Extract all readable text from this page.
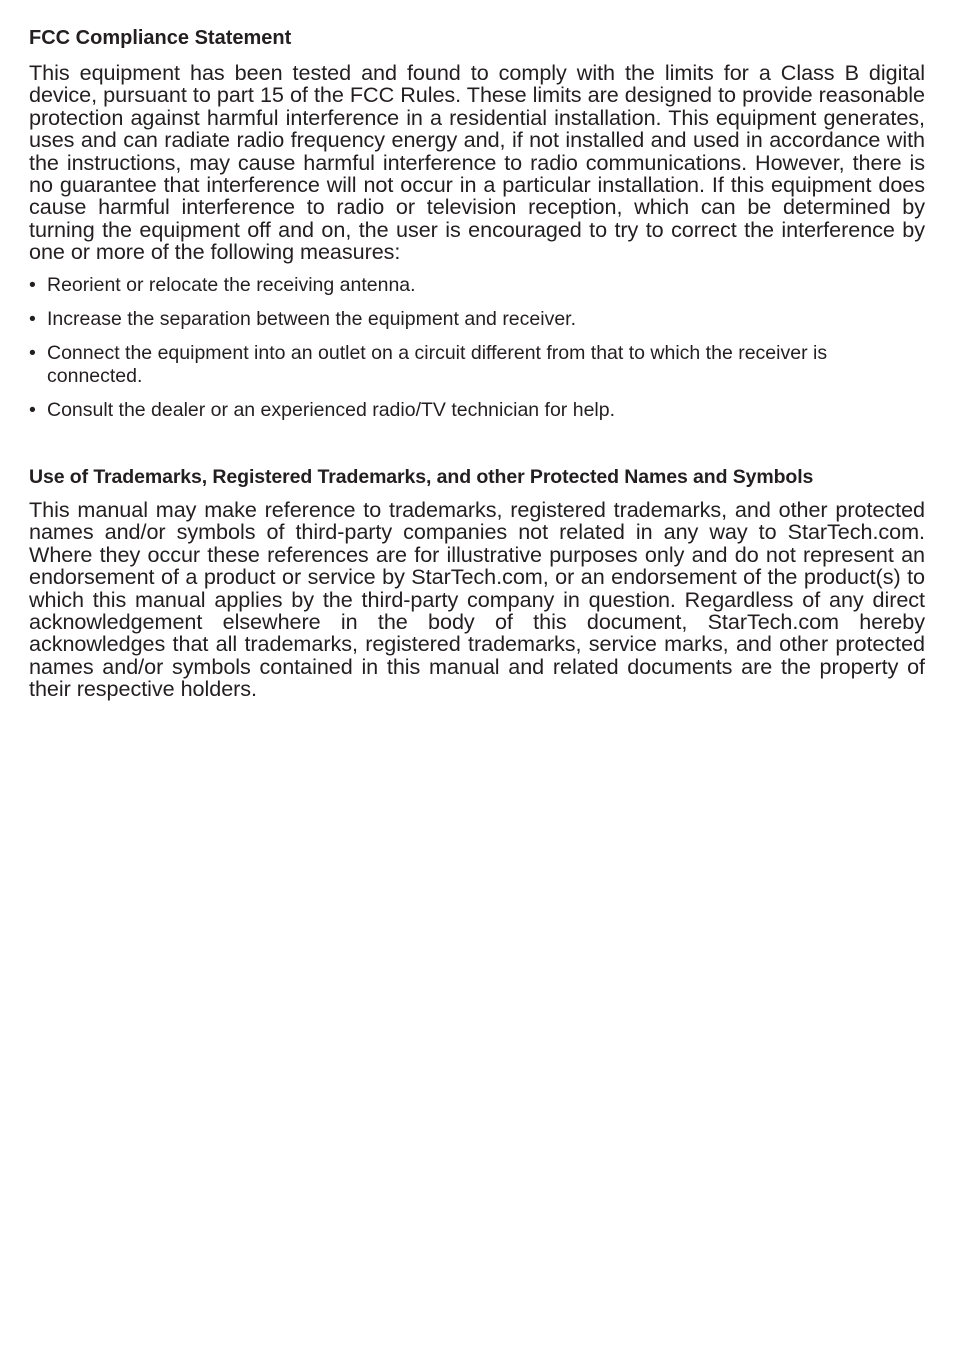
FCC Compliance Statement

This equipment has been tested and found to comply with the limits for a Class B digital device, pursuant to part 15 of the FCC Rules. These limits are designed to provide reasonable protection against harmful interference in a residential installation. This equipment generates, uses and can radiate radio frequency energy and, if not installed and used in accordance with the instructions, may cause harmful interference to radio communications. However, there is no guarantee that interference will not occur in a particular installation. If this equipment does cause harmful interference to radio or television reception, which can be determined by turning the equipment off and on, the user is encouraged to try to correct the interference by one or more of the following measures:

• Reorient or relocate the receiving antenna.
• Increase the separation between the equipment and receiver.
• Connect the equipment into an outlet on a circuit different from that to which the receiver is connected.
• Consult the dealer or an experienced radio/TV technician for help.
Use of Trademarks, Registered Trademarks, and other Protected Names and Symbols

This manual may make reference to trademarks, registered trademarks, and other protected names and/or symbols of third-party companies not related in any way to StarTech.com. Where they occur these references are for illustrative purposes only and do not represent an endorsement of a product or service by StarTech.com, or an endorsement of the product(s) to which this manual applies by the third-party company in question. Regardless of any direct acknowledgement elsewhere in the body of this document, StarTech.com hereby acknowledges that all trademarks, registered trademarks, service marks, and other protected names and/or symbols contained in this manual and related documents are the property of their respective holders.
